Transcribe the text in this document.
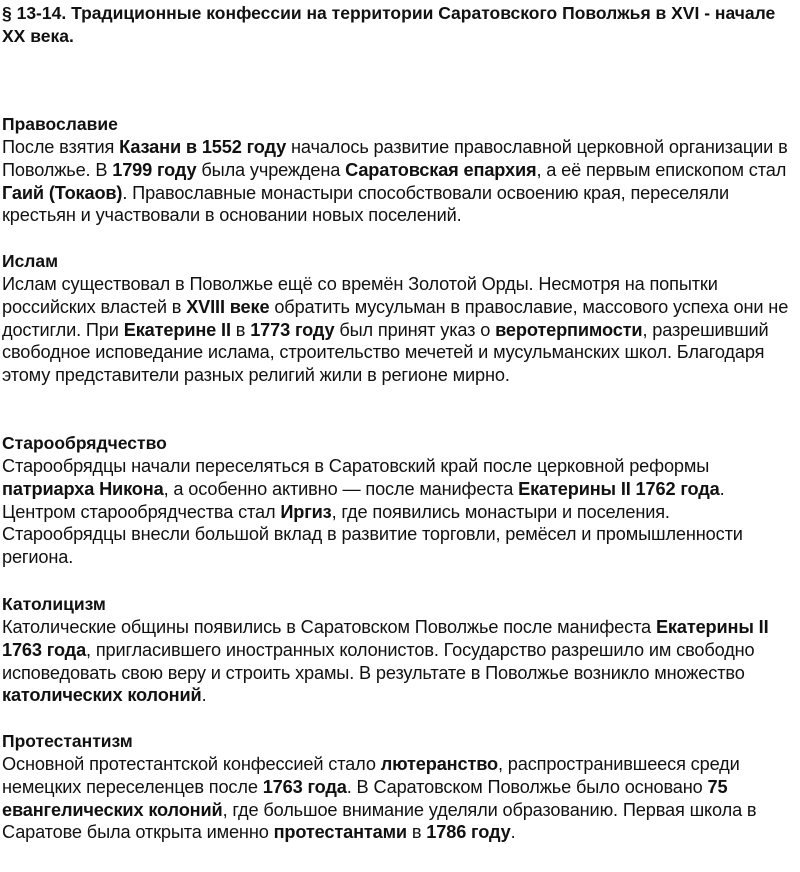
§ 13-14. Традиционные конфессии на территории Саратовского Поволжья в XVI - начале XX века.
Православие

После взятия Казани в 1552 году началось развитие православной церковной организации в Поволжье. В 1799 году была учреждена Саратовская епархия, а её первым епископом стал Гаий (Токаов). Православные монастыри способствовали освоению края, переселяли крестьян и участвовали в основании новых поселений.

Ислам

Ислам существовал в Поволжье ещё со времён Золотой Орды. Несмотря на попытки российских властей в XVIII веке обратить мусульман в православие, массового успеха они не достигли. При Екатерине II в 1773 году был принят указ о веротерпимости, разрешивший свободное исповедание ислама, строительство мечетей и мусульманских школ. Благодаря этому представители разных религий жили в регионе мирно.

Старообрядчество

Старообрядцы начали переселяться в Саратовский край после церковной реформы патриарха Никона, а особенно активно — после манифеста Екатерины II 1762 года. Центром старообрядчества стал Иргиз, где появились монастыри и поселения. Старообрядцы внесли большой вклад в развитие торговли, ремёсел и промышленности региона.

Католицизм

Католические общины появились в Саратовском Поволжье после манифеста Екатерины II 1763 года, пригласившего иностранных колонистов. Государство разрешило им свободно исповедовать свою веру и строить храмы. В результате в Поволжье возникло множество католических колоний.

Протестантизм

Основной протестантской конфессией стало лютеранство, распространившееся среди немецких переселенцев после 1763 года. В Саратовском Поволжье было основано 75 евангелических колоний, где большое внимание уделяли образованию. Первая школа в Саратове была открыта именно протестантами в 1786 году.
